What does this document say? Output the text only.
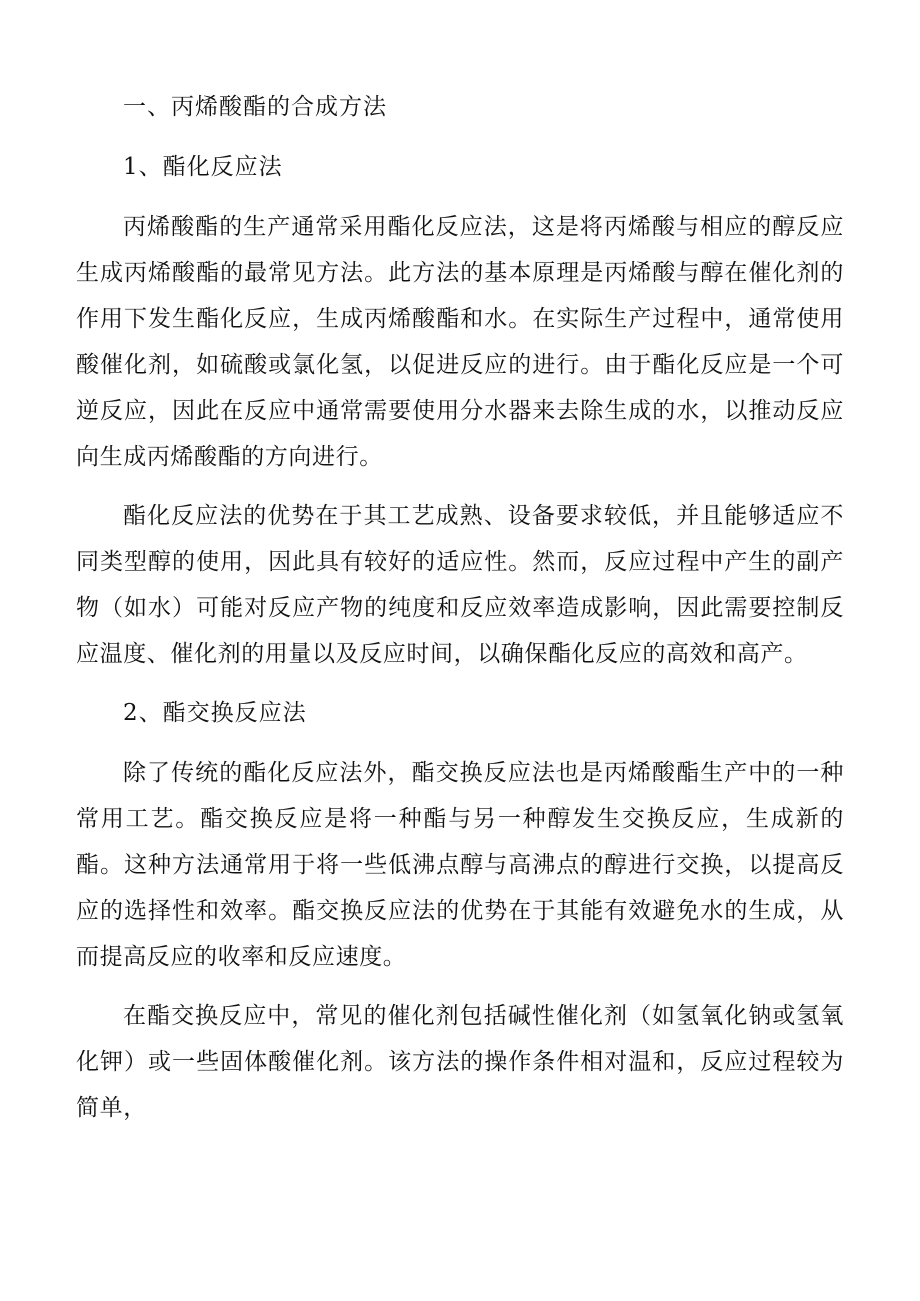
一、丙烯酸酯的合成方法
1、酯化反应法

丙烯酸酯的生产通常采用酯化反应法，这是将丙烯酸与相应的醇反应生成丙烯酸酯的最常见方法。此方法的基本原理是丙烯酸与醇在催化剂的作用下发生酯化反应，生成丙烯酸酯和水。在实际生产过程中，通常使用酸催化剂，如硫酸或氯化氢，以促进反应的进行。由于酯化反应是一个可逆反应，因此在反应中通常需要使用分水器来去除生成的水，以推动反应向生成丙烯酸酯的方向进行。

酯化反应法的优势在于其工艺成熟、设备要求较低，并且能够适应不同类型醇的使用，因此具有较好的适应性。然而，反应过程中产生的副产物（如水）可能对反应产物的纯度和反应效率造成影响，因此需要控制反应温度、催化剂的用量以及反应时间，以确保酯化反应的高效和高产。

2、酯交换反应法

除了传统的酯化反应法外，酯交换反应法也是丙烯酸酯生产中的一种常用工艺。酯交换反应是将一种酯与另一种醇发生交换反应，生成新的酯。这种方法通常用于将一些低沸点醇与高沸点的醇进行交换，以提高反应的选择性和效率。酯交换反应法的优势在于其能有效避免水的生成，从而提高反应的收率和反应速度。

在酯交换反应中，常见的催化剂包括碱性催化剂（如氢氧化钠或氢氧化钾）或一些固体酸催化剂。该方法的操作条件相对温和，反应过程较为简单，
